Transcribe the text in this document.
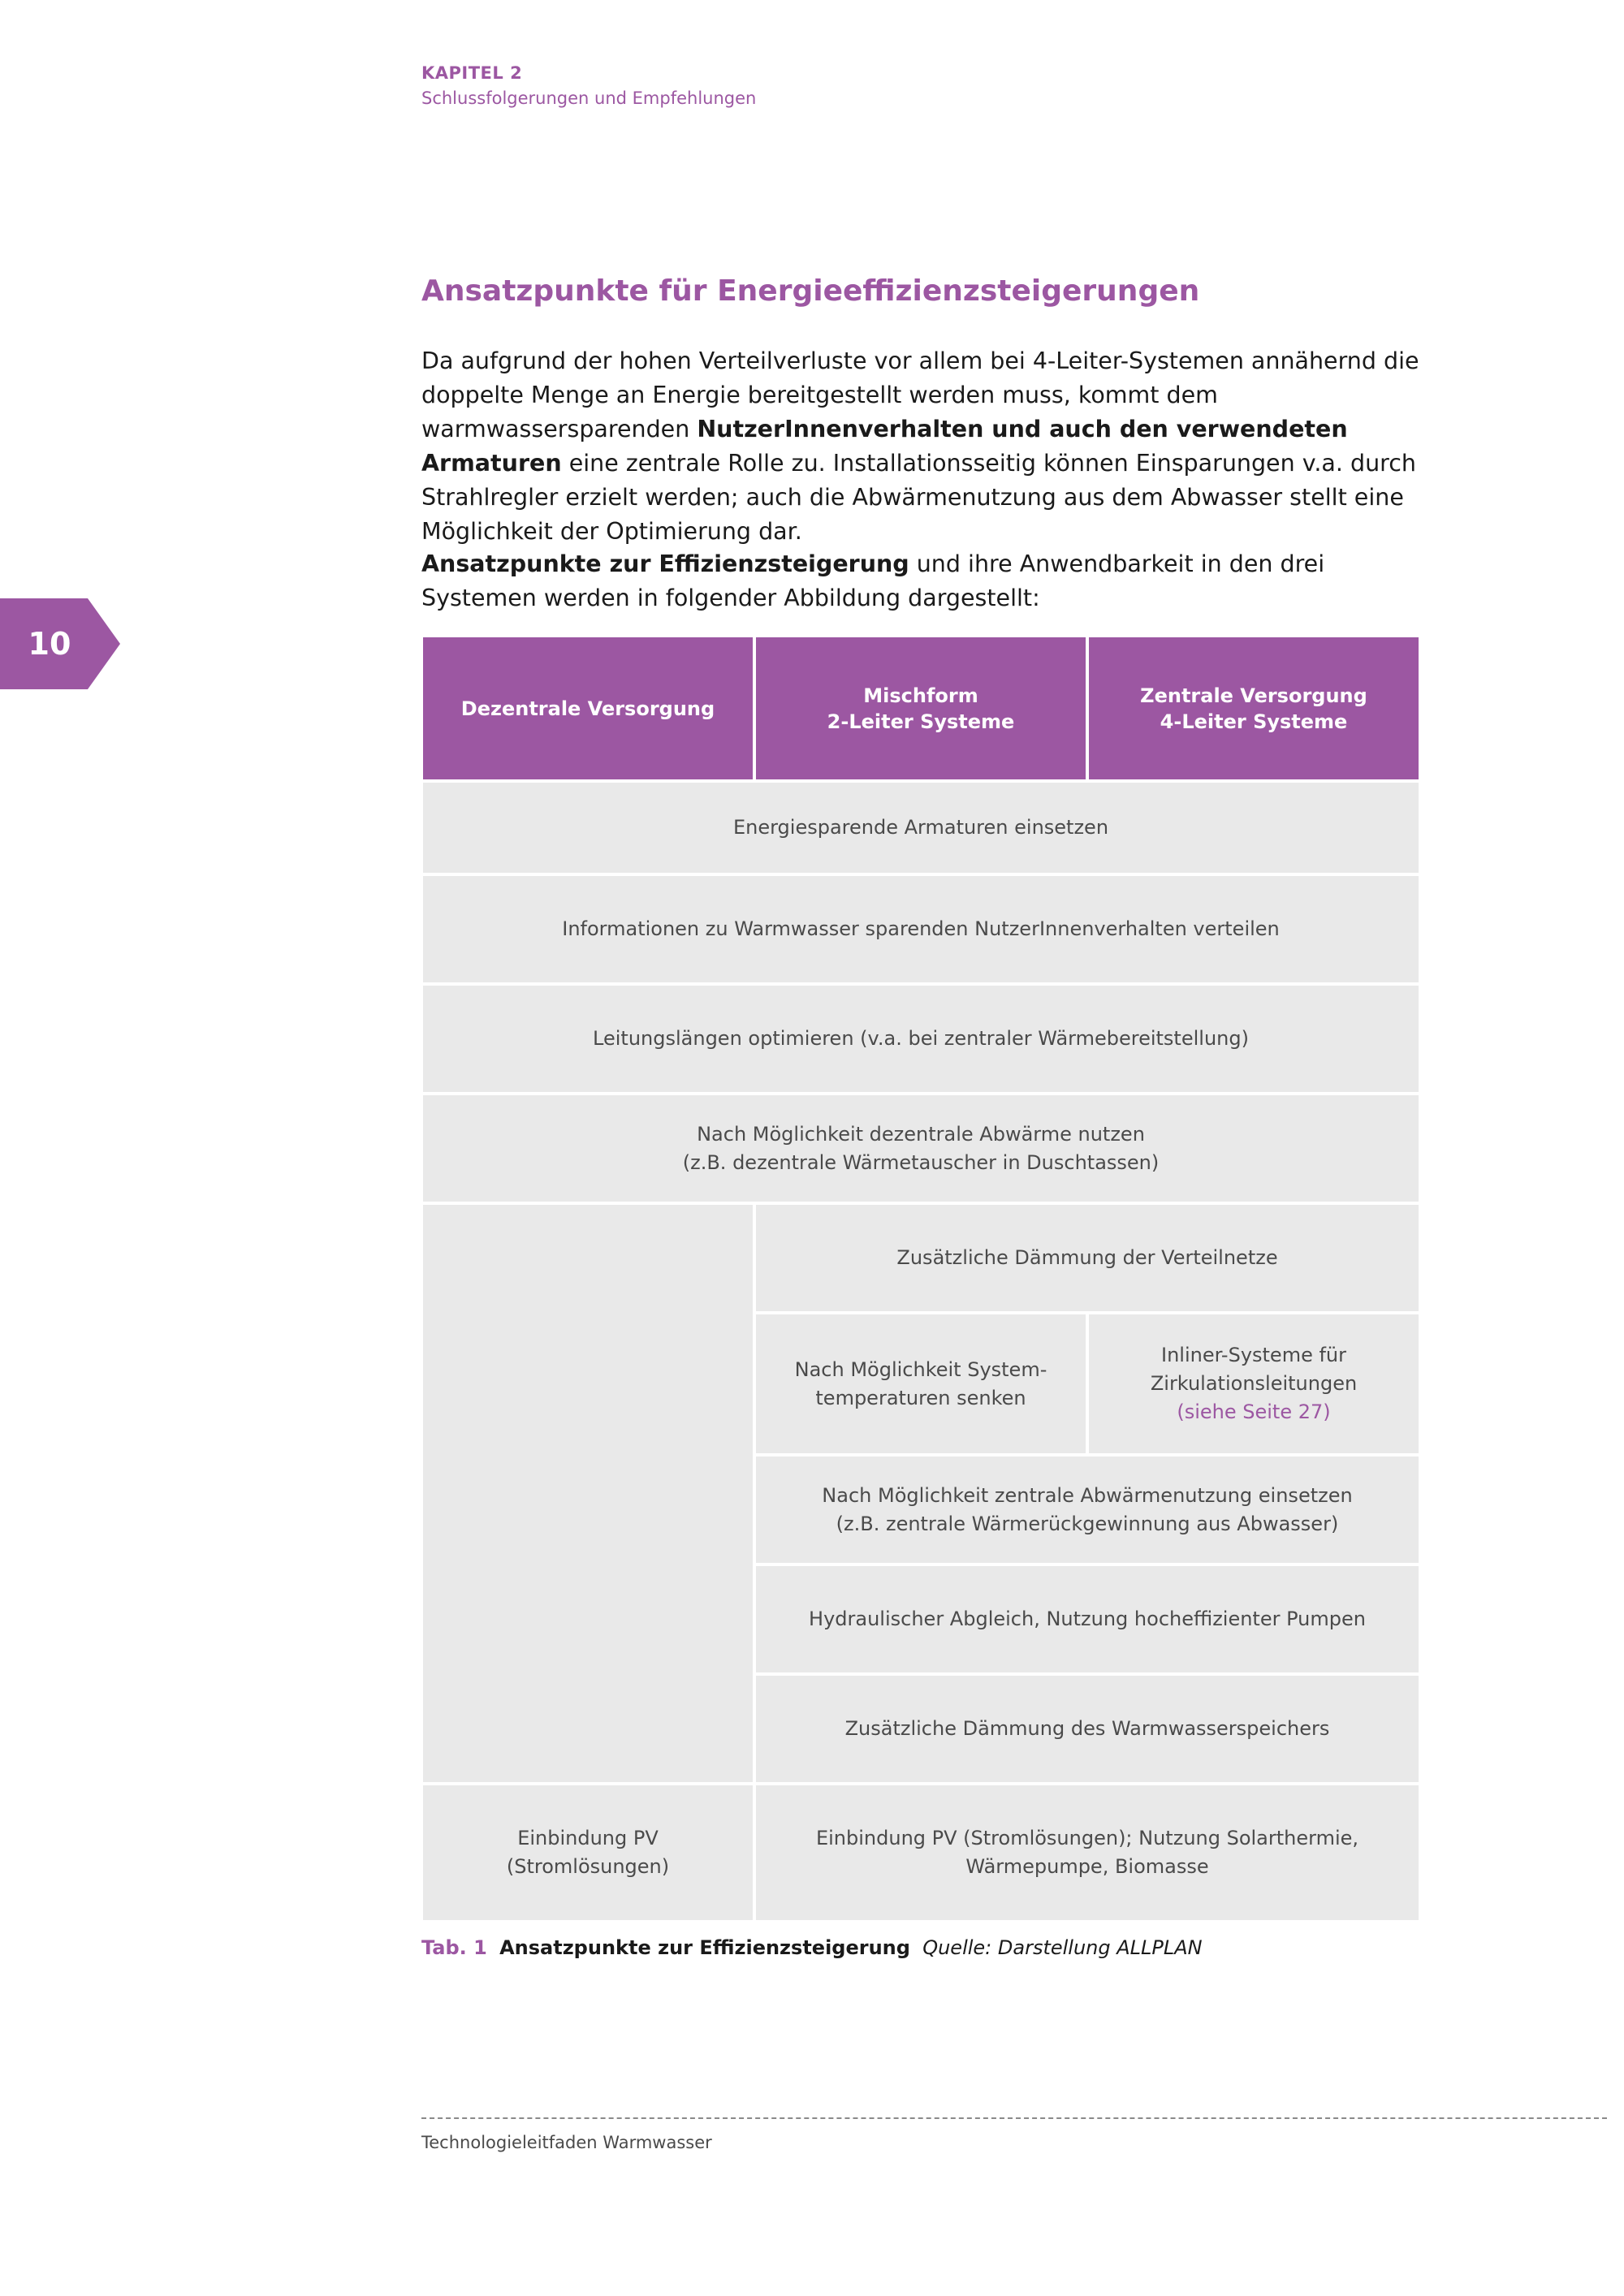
KAPITEL 2
Schlussfolgerungen und Empfehlungen
10
Ansatzpunkte für Energieeffizienzsteigerungen

Da aufgrund der hohen Verteilverluste vor allem bei 4-Leiter-Systemen annähernd die doppelte Menge an Energie bereitgestellt werden muss, kommt dem warmwassersparenden NutzerInnenverhalten und auch den verwendeten Armaturen eine zentrale Rolle zu. Installationsseitig können Einsparungen v.a. durch Strahlregler erzielt werden; auch die Abwärmenutzung aus dem Abwasser stellt eine Möglichkeit der Optimierung dar.

Ansatzpunkte zur Effizienzsteigerung und ihre Anwendbarkeit in den drei Systemen werden in folgender Abbildung dargestellt:

Dezentrale Versorgung
Mischform
2-Leiter Systeme
Zentrale Versorgung
4-Leiter Systeme
Energiesparende Armaturen einsetzen
Informationen zu Warmwasser sparenden NutzerInnenverhalten verteilen
Leitungslängen optimieren (v.a. bei zentraler Wärmebereitstellung)
Nach Möglichkeit dezentrale Abwärme nutzen
(z.B. dezentrale Wärmetauscher in Duschtassen)
Zusätzliche Dämmung der Verteilnetze
Nach Möglichkeit System-
temperaturen senken
Inliner-Systeme für
Zirkulationsleitungen
(siehe Seite 27)
Nach Möglichkeit zentrale Abwärmenutzung einsetzen
(z.B. zentrale Wärmerückgewinnung aus Abwasser)
Hydraulischer Abgleich, Nutzung hocheffizienter Pumpen
Zusätzliche Dämmung des Warmwasserspeichers
Einbindung PV
(Stromlösungen)
Einbindung PV (Stromlösungen); Nutzung Solarthermie,
Wärmepumpe, Biomasse

Tab. 1 Ansatzpunkte zur Effizienzsteigerung Quelle: Darstellung ALLPLAN

Technologieleitfaden Warmwasser
